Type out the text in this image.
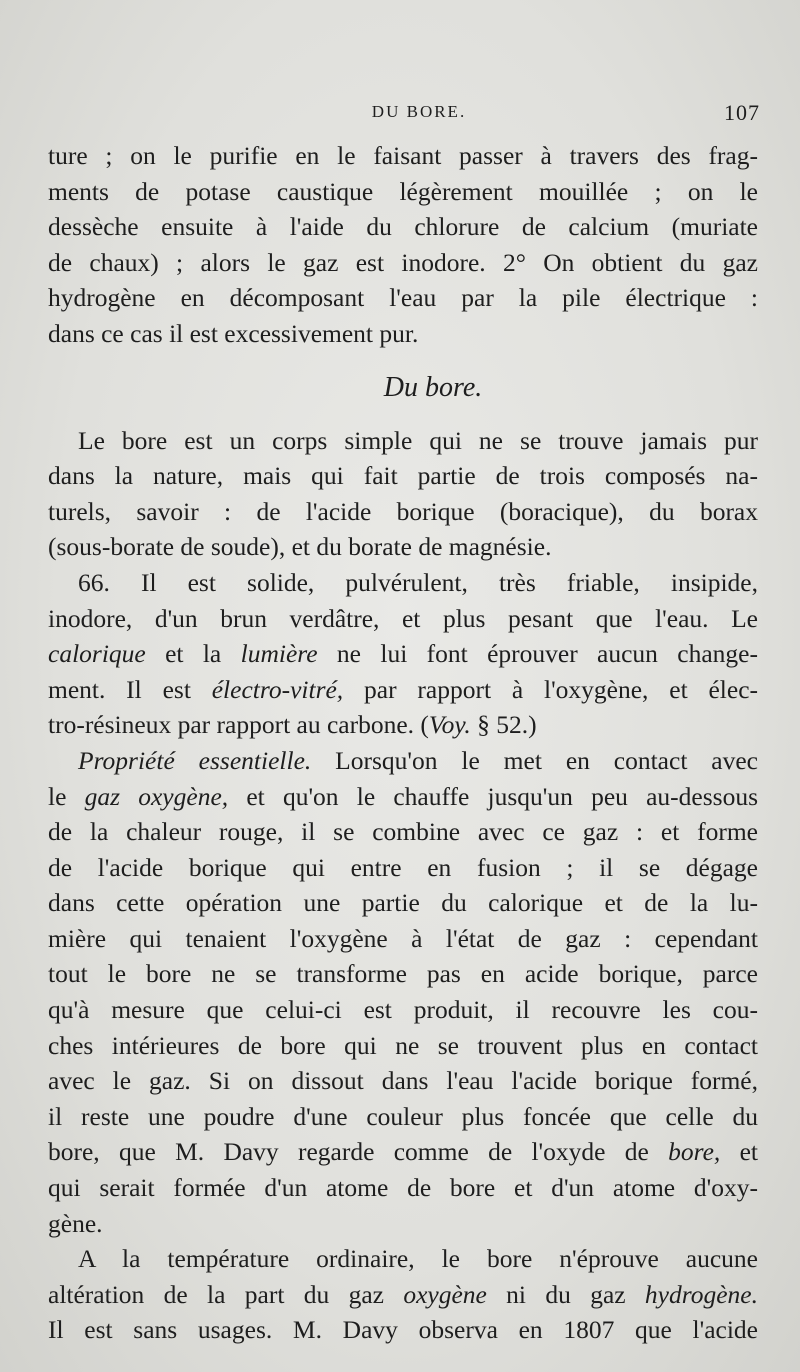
DU BORE.	107
ture ; on le purifie en le faisant passer à travers des frag-
ments de potase caustique légèrement mouillée ; on le
dessèche ensuite à l'aide du chlorure de calcium (muriate
de chaux) ; alors le gaz est inodore. 2° On obtient du gaz
hydrogène en décomposant l'eau par la pile électrique :
dans ce cas il est excessivement pur.
Du bore.
Le bore est un corps simple qui ne se trouve jamais pur
dans la nature, mais qui fait partie de trois composés na-
turels, savoir : de l'acide borique (boracique), du borax
(sous-borate de soude), et du borate de magnésie.
66. Il est solide, pulvérulent, très friable, insipide,
inodore, d'un brun verdâtre, et plus pesant que l'eau. Le
calorique et la lumière ne lui font éprouver aucun change-
ment. Il est électro-vitré, par rapport à l'oxygène, et élec-
tro-résineux par rapport au carbone. (Voy. § 52.)
Propriété essentielle. Lorsqu'on le met en contact avec
le gaz oxygène, et qu'on le chauffe jusqu'un peu au-dessous
de la chaleur rouge, il se combine avec ce gaz : et forme
de l'acide borique qui entre en fusion ; il se dégage
dans cette opération une partie du calorique et de la lu-
mière qui tenaient l'oxygène à l'état de gaz : cependant
tout le bore ne se transforme pas en acide borique, parce
qu'à mesure que celui-ci est produit, il recouvre les cou-
ches intérieures de bore qui ne se trouvent plus en contact
avec le gaz. Si on dissout dans l'eau l'acide borique formé,
il reste une poudre d'une couleur plus foncée que celle du
bore, que M. Davy regarde comme de l'oxyde de bore, et
qui serait formée d'un atome de bore et d'un atome d'oxy-
gène.
A la température ordinaire, le bore n'éprouve aucune
altération de la part du gaz oxygène ni du gaz hydrogène.
Il est sans usages. M. Davy observa en 1807 que l'acide
